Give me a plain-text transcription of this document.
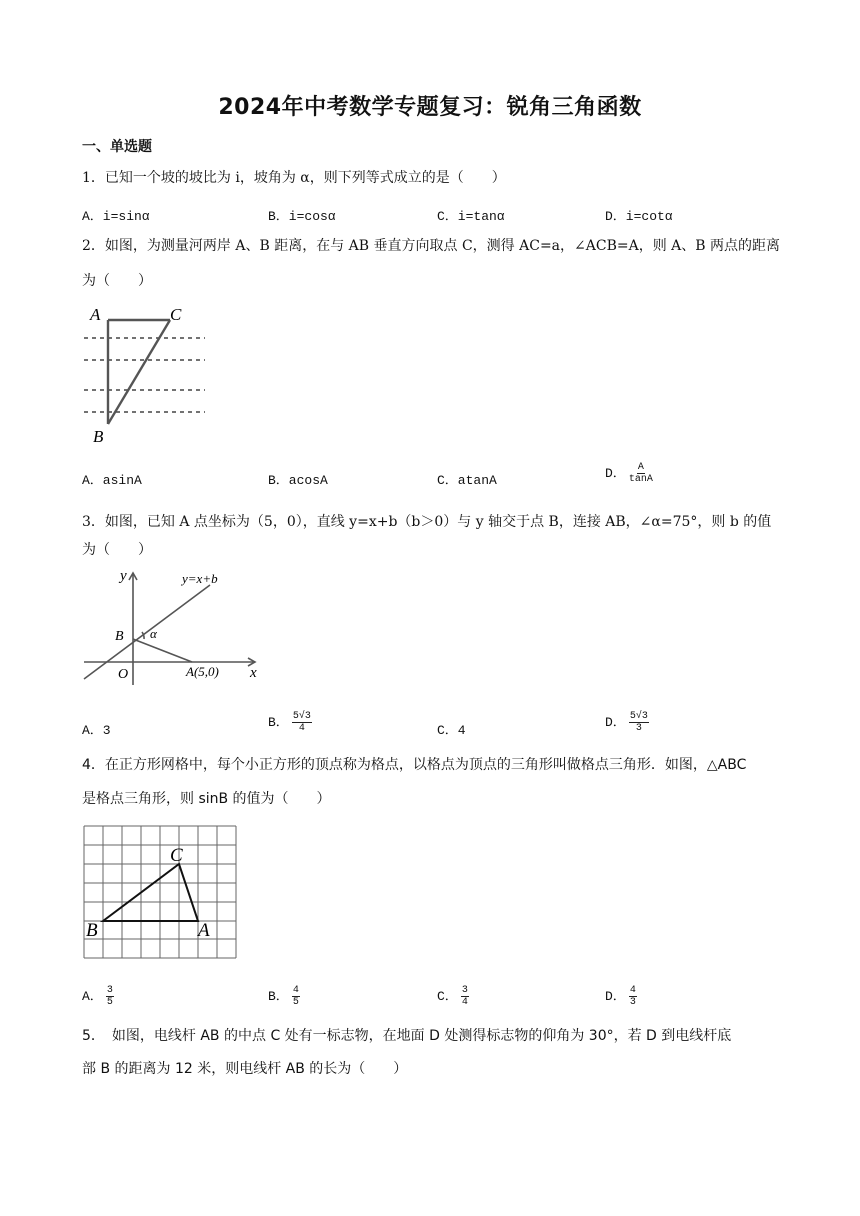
2024年中考数学专题复习：锐角三角函数
一、单选题
1．已知一个坡的坡比为 i，坡角为 α，则下列等式成立的是（　　）
A．i=sinα	B．i=cosα	C．i=tanα	D．i=cotα
2．如图，为测量河两岸 A、B 距离，在与 AB 垂直方向取点 C，测得 AC=a，∠ACB=A，则 A、B 两点的距离
为（　　）
A	C
B
A．asinA	B．acosA	C．atanA	D． $\frac{A}{\tan A}$
3．如图，已知 A 点坐标为（5，0），直线 y=x+b（b＞0）与 y 轴交于点 B，连接 AB，∠α=75°，则 b 的值
为（　　）
y
x
O
y=x+b
B α
A(5,0)
A．3
B． $\frac{5√3}{4}$	C．4
D． $\frac{5√3}{3}$
4．在正方形网格中，每个小正方形的顶点称为格点，以格点为顶点的三角形叫做格点三角形．如图，△ABC
是格点三角形，则 sinB 的值为（　　）
C
B	A
A． $\frac{3}{5}$	B． $\frac{4}{5}$	C． $\frac{3}{4}$	D． $\frac{4}{3}$
5．　如图，电线杆 AB 的中点 C 处有一标志物，在地面 D 处测得标志物的仰角为 30°，若 D 到电线杆底
部 B 的距离为 12 米，则电线杆 AB 的长为（　　）
